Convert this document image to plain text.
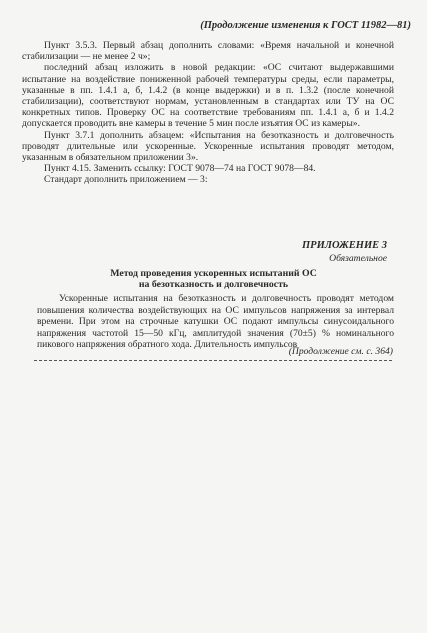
(Продолжение изменения к ГОСТ 11982—81)

Пункт 3.5.3. Первый абзац дополнить словами: «Время начальной и конечной стабилизации — не менее 2 ч»;

последний абзац изложить в новой редакции: «ОС считают выдержавшими испытание на воздействие пониженной рабочей температуры среды, если параметры, указанные в пп. 1.4.1 а, б, 1.4.2 (в конце выдержки) и в п. 1.3.2 (после конечной стабилизации), соответствуют нормам, установленным в стандартах или ТУ на ОС конкретных типов. Проверку ОС на соответствие требованиям пп. 1.4.1 а, б и 1.4.2 допускается проводить вне камеры в течение 5 мин после изъятия ОС из камеры».

Пункт 3.7.1 дополнить абзацем: «Испытания на безотказность и долговечность проводят длительные или ускоренные. Ускоренные испытания проводят методом, указанным в обязательном приложении 3».

Пункт 4.15. Заменить ссылку: ГОСТ 9078—74 на ГОСТ 9078—84.

Стандарт дополнить приложением — 3:

ПРИЛОЖЕНИЕ 3
Обязательное
Метод проведения ускоренных испытаний ОС
на безотказность и долговечность

Ускоренные испытания на безотказность и долговечность проводят методом повышения количества воздействующих на ОС импульсов напряжения за интервал времени. При этом на строчные катушки ОС подают импульсы синусоидального напряжения частотой 15—50 кГц, амплитудой значения (70±5) % номинального пикового напряжения обратного хода. Длительность импульсов

(Продолжение см. с. 364)
